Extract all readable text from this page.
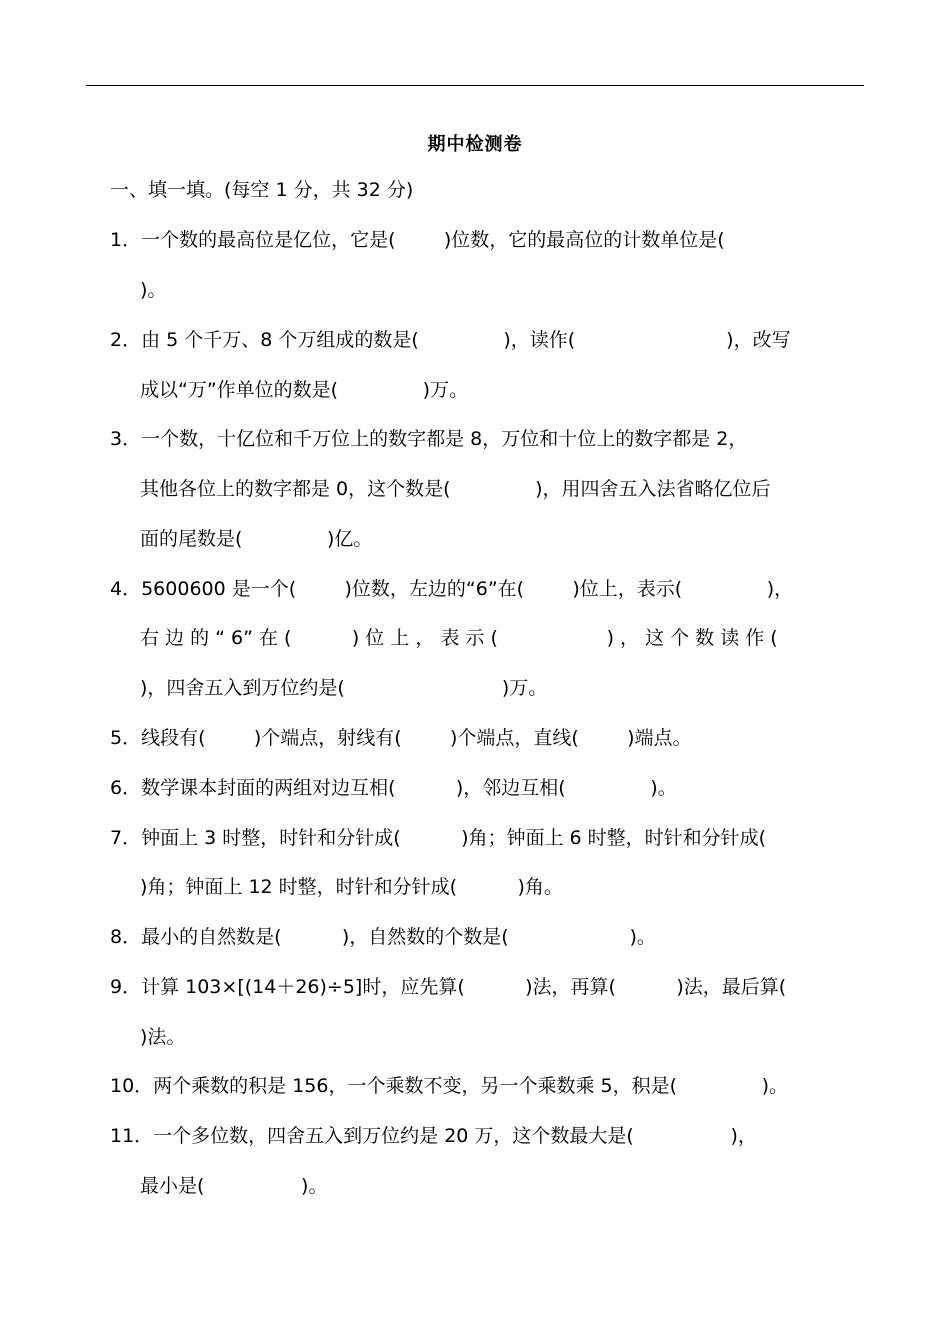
期中检测卷
一、填一填。(每空 1 分，共 32 分)
1．一个数的最高位是亿位，它是(        )位数，它的最高位的计数单位是(
)。
2．由 5 个千万、8 个万组成的数是(              )，读作(                         )，改写
成以“万”作单位的数是(              )万。
3．一个数，十亿位和千万位上的数字都是 8，万位和十位上的数字都是 2，
其他各位上的数字都是 0，这个数是(              )，用四舍五入法省略亿位后
面的尾数是(              )亿。
4．5600600 是一个(        )位数，左边的“6”在(        )位上，表示(              )，
右 边 的 “ 6” 在 (          ) 位 上 ， 表 示 (                  ) ， 这 个 数 读 作 (
)，四舍五入到万位约是(                          )万。
5．线段有(        )个端点，射线有(        )个端点，直线(        )端点。
6．数学课本封面的两组对边互相(          )，邻边互相(              )。
7．钟面上 3 时整，时针和分针成(          )角；钟面上 6 时整，时针和分针成(
)角；钟面上 12 时整，时针和分针成(          )角。
8．最小的自然数是(          )，自然数的个数是(                    )。
9．计算 103×[(14＋26)÷5]时，应先算(          )法，再算(          )法，最后算(
)法。
10．两个乘数的积是 156，一个乘数不变，另一个乘数乘 5，积是(              )。
11．一个多位数，四舍五入到万位约是 20 万，这个数最大是(                )，
最小是(                )。
